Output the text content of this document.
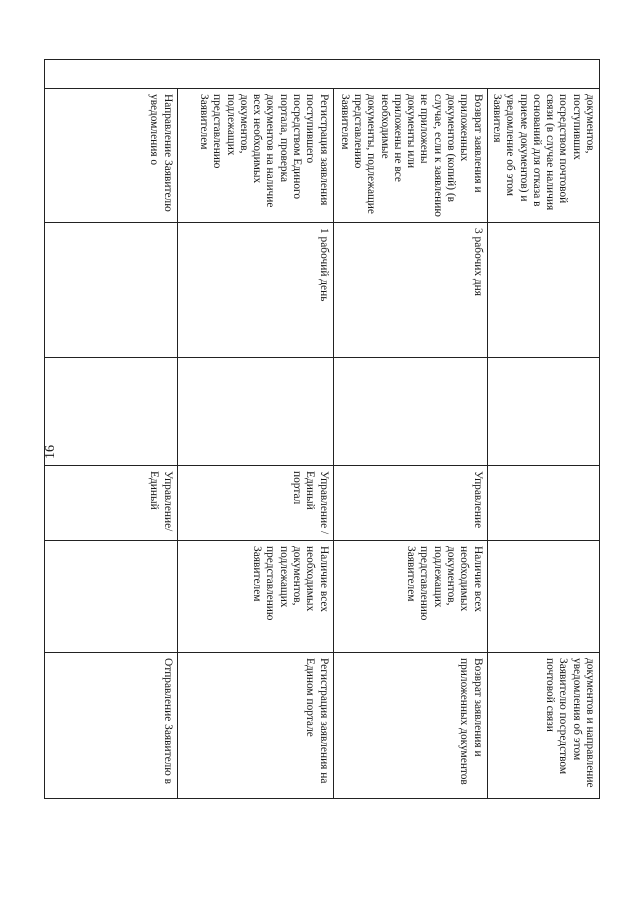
16
	документов, поступивших посредством почтовой связи (в случае наличия оснований для отказа в приеме документов) и уведомление об этом Заявителя					документов и направление уведомления об этом Заявителю посредством почтовой связи
	Возврат заявления и приложенных документов (копий) (в случае, если к заявлению не приложены документы или приложены не все необходимые документы, подлежащие представлению Заявителем	3 рабочих дня		Управление	Наличие всех необходимых документов, подлежащих представлению Заявителем	Возврат заявления и приложенных документов
	Регистрация заявления поступившего посредством Единого портала, проверка документов на наличие всех необходимых документов, подлежащих представлению Заявителем	1 рабочий день		Управление /Единый портал	Наличие всех необходимых документов, подлежащих представлению Заявителем	Регистрация заявления на Едином портале
	Направление Заявителю уведомления о			Управление/ Единый		Отправление Заявителю в
